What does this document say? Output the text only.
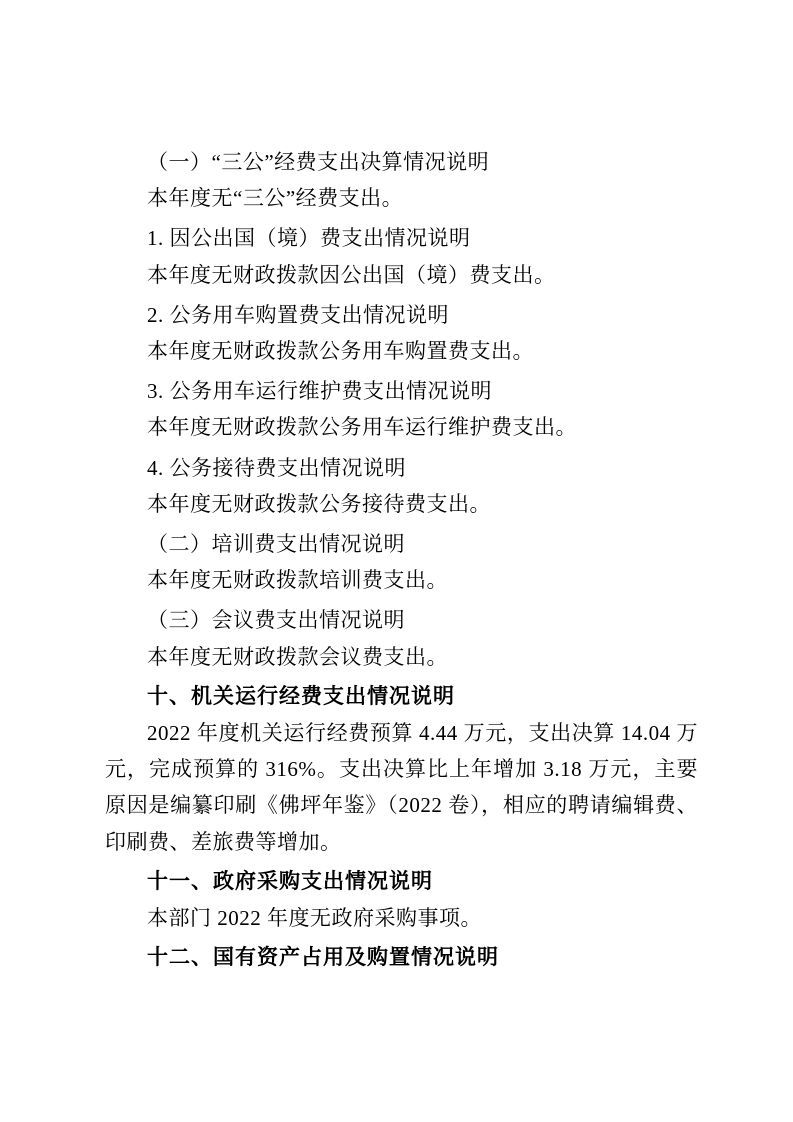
（一）“三公”经费支出决算情况说明

本年度无“三公”经费支出。

1. 因公出国（境）费支出情况说明

本年度无财政拨款因公出国（境）费支出。

2. 公务用车购置费支出情况说明

本年度无财政拨款公务用车购置费支出。

3. 公务用车运行维护费支出情况说明

本年度无财政拨款公务用车运行维护费支出。

4. 公务接待费支出情况说明

本年度无财政拨款公务接待费支出。

（二）培训费支出情况说明

本年度无财政拨款培训费支出。

（三）会议费支出情况说明

本年度无财政拨款会议费支出。

十、机关运行经费支出情况说明

2022 年度机关运行经费预算 4.44 万元，支出决算 14.04 万元，完成预算的 316%。支出决算比上年增加 3.18 万元，主要原因是编纂印刷《佛坪年鉴》（2022 卷），相应的聘请编辑费、印刷费、差旅费等增加。

十一、政府采购支出情况说明

本部门 2022 年度无政府采购事项。

十二、国有资产占用及购置情况说明
